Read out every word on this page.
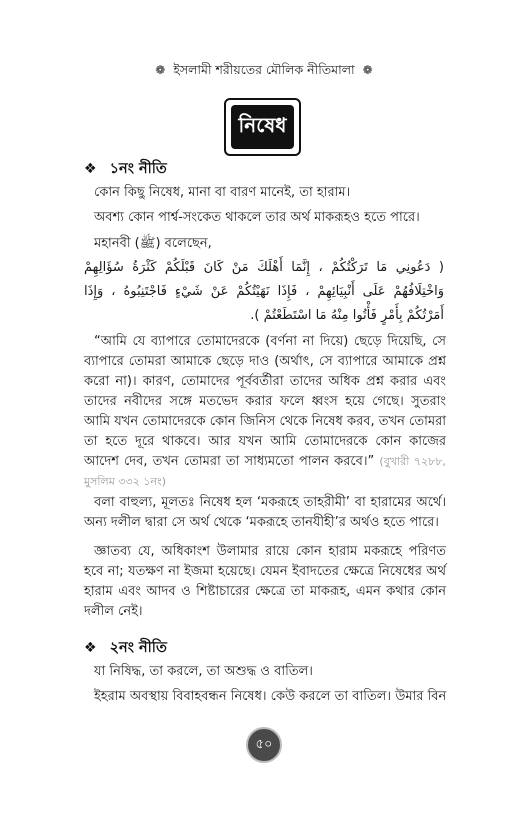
❁ ইসলামী শরীয়তের মৌলিক নীতিমালা ❁
নিষেধ
❖ ১নং নীতি
কোন কিছু নিষেধ, মানা বা বারণ মানেই, তা হারাম।
অবশ্য কোন পার্শ্ব-সংকেত থাকলে তার অর্থ মাকরূহও হতে পারে।
মহানবী (ﷺ) বলেছেন,
( دَعُونِي مَا تَرَكْتُكُمْ ، إِنَّمَا أَهْلَكَ مَنْ كَانَ قَبْلَكُمْ كَثْرَةُ سُؤَالِهِمْ وَاخْتِلَافُهُمْ عَلَى أَنْبِيَائِهِمْ ، فَإِذَا نَهَيْتُكُمْ عَنْ شَيْءٍ فَاجْتَنِبُوهُ ، وَإِذَا أَمَرْتُكُمْ بِأَمْرٍ فَأْتُوا مِنْهُ مَا اسْتَطَعْتُمْ ).
“আমি যে ব্যাপারে তোমাদেরকে (বর্ণনা না দিয়ে) ছেড়ে দিয়েছি, সে ব্যাপারে তোমরা আমাকে ছেড়ে দাও (অর্থাৎ, সে ব্যাপারে আমাকে প্রশ্ন করো না)। কারণ, তোমাদের পূর্ববর্তীরা তাদের অধিক প্রশ্ন করার এবং তাদের নবীদের সঙ্গে মতভেদ করার ফলে ধ্বংস হয়ে গেছে। সুতরাং আমি যখন তোমাদেরকে কোন জিনিস থেকে নিষেধ করব, তখন তোমরা তা হতে দূরে থাকবে। আর যখন আমি তোমাদেরকে কোন কাজের আদেশ দেব, তখন তোমরা তা সাধ্যমতো পালন করবে।” (বুখারী ৭২৮৮, মুসলিম ৩৩২ ১নং)
বলা বাহুল্য, মূলতঃ নিষেধ হল ‘মকরূহে তাহরীমী’ বা হারামের অর্থে। অন্য দলীল দ্বারা সে অর্থ থেকে ‘মকরূহে তানযীহী’র অর্থও হতে পারে।
জ্ঞাতব্য যে, অধিকাংশ উলামার রায়ে কোন হারাম মকরূহে পরিণত হবে না; যতক্ষণ না ইজমা হয়েছে। যেমন ইবাদতের ক্ষেত্রে নিষেধের অর্থ হারাম এবং আদব ও শিষ্টাচারের ক্ষেত্রে তা মাকরূহ, এমন কথার কোন দলীল নেই।
❖ ২নং নীতি
যা নিষিদ্ধ, তা করলে, তা অশুদ্ধ ও বাতিল।
ইহরাম অবস্থায় বিবাহবন্ধন নিষেধ। কেউ করলে তা বাতিল। উমার বিন
৫০
